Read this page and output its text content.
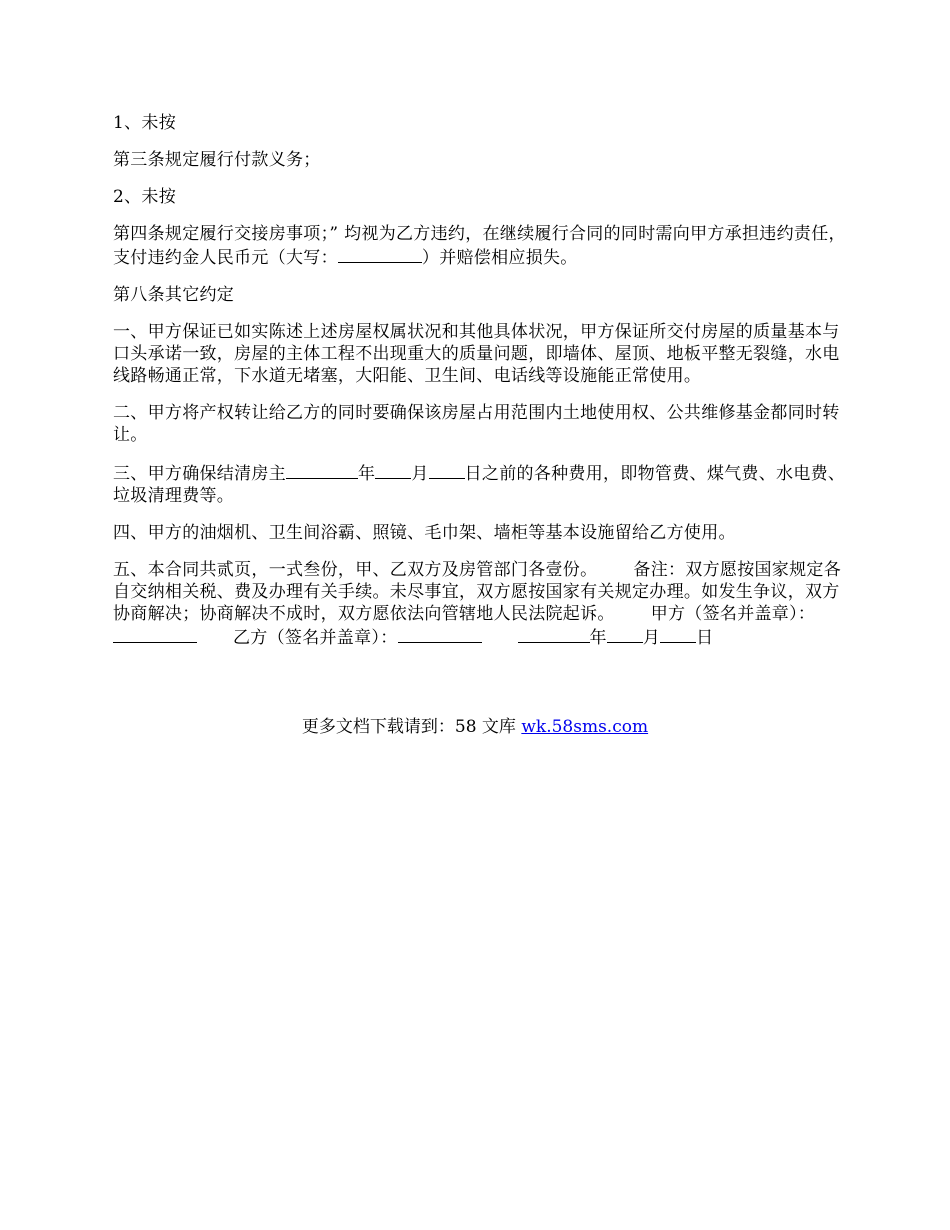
1、未按

第三条规定履行付款义务；

2、未按

第四条规定履行交接房事项；” 均视为乙方违约，在继续履行合同的同时需向甲方承担违约责任，支付违约金人民币元（大写：	）并赔偿相应损失。

第八条其它约定

一、甲方保证已如实陈述上述房屋权属状况和其他具体状况，甲方保证所交付房屋的质量基本与口头承诺一致，房屋的主体工程不出现重大的质量问题，即墙体、屋顶、地板平整无裂缝，水电线路畅通正常，下水道无堵塞，大阳能、卫生间、电话线等设施能正常使用。

二、甲方将产权转让给乙方的同时要确保该房屋占用范围内土地使用权、公共维修基金都同时转让。

三、甲方确保结清房主	年 月 日之前的各种费用，即物管费、煤气费、水电费、垃圾清理费等。

四、甲方的油烟机、卫生间浴霸、照镜、毛巾架、墙柜等基本设施留给乙方使用。

五、本合同共贰页，一式叁份，甲、乙双方及房管部门各壹份。 备注：双方愿按国家规定各自交纳相关税、费及办理有关手续。未尽事宜，双方愿按国家有关规定办理。如发生争议，双方协商解决；协商解决不成时，双方愿依法向管辖地人民法院起诉。 甲方（签名并盖章）：乙方（签名并盖章）：	年 月 日

更多文档下载请到：58 文库 wk.58sms.com
